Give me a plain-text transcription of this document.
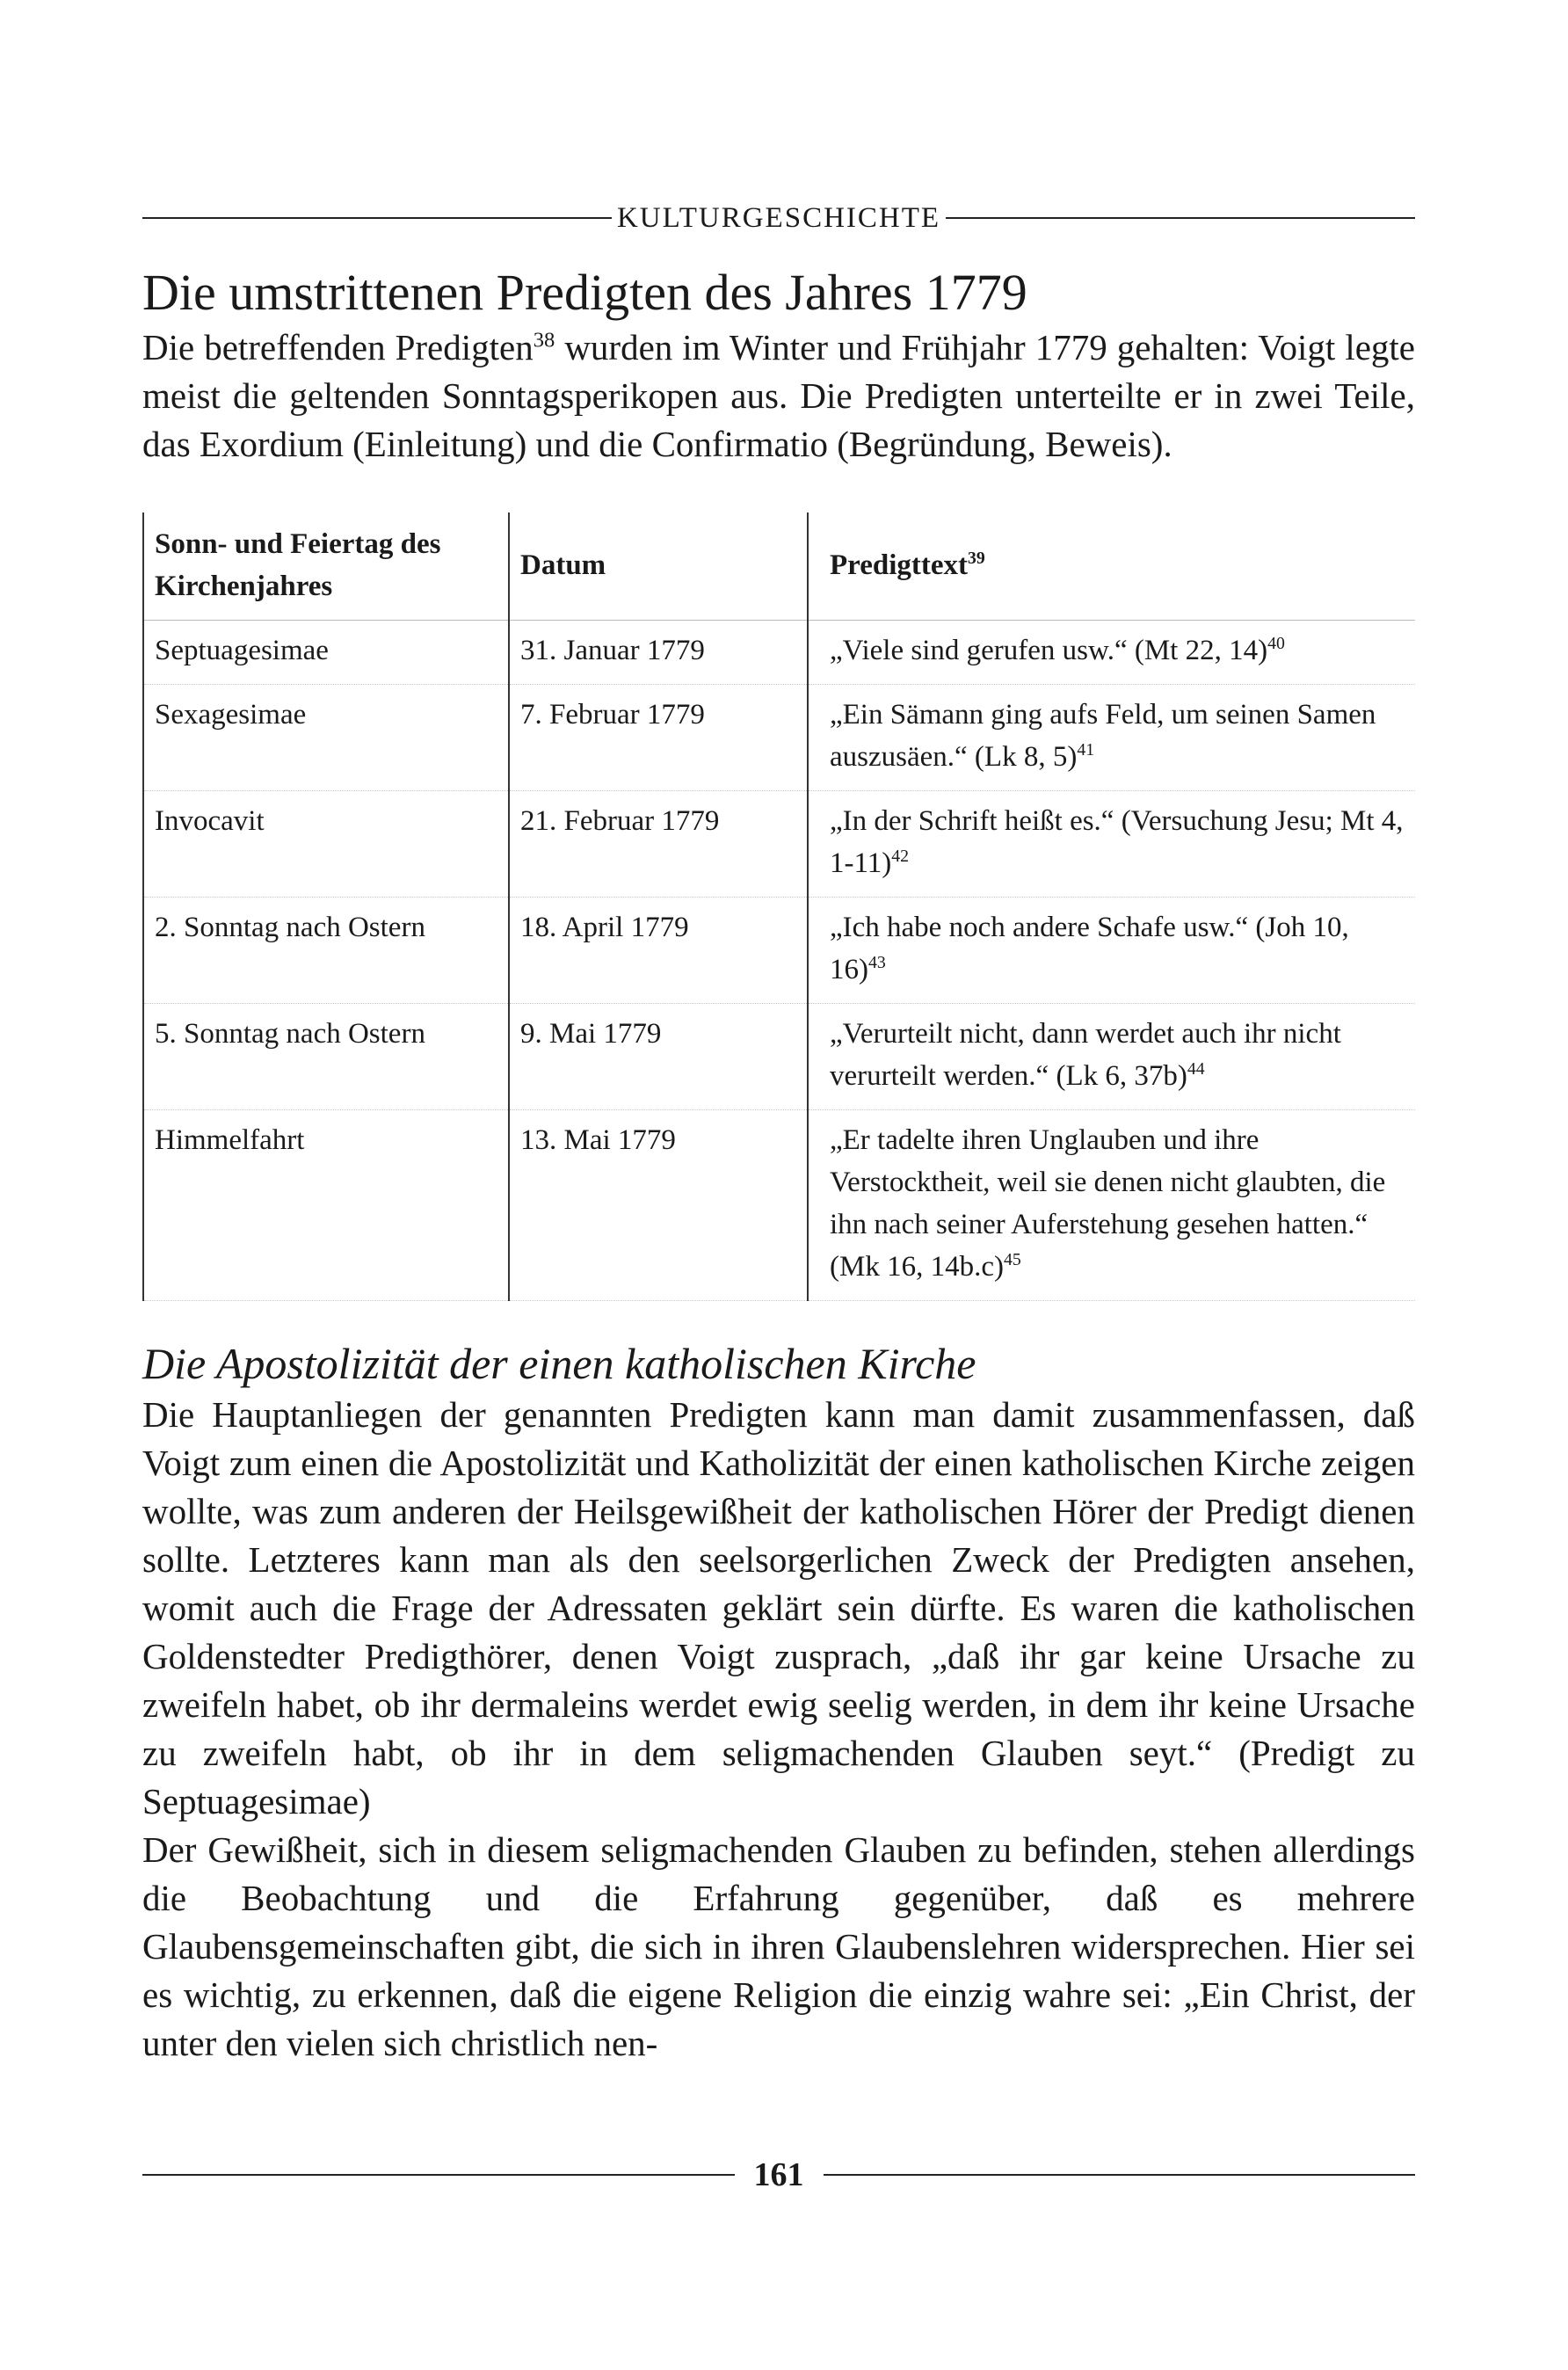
KULTURGESCHICHTE
Die umstrittenen Predigten des Jahres 1779

Die betreffenden Predigten$^{38}$ wurden im Winter und Frühjahr 1779 gehalten: Voigt legte meist die geltenden Sonntagsperikopen aus. Die Predigten unterteilte er in zwei Teile, das Exordium (Einleitung) und die Confirmatio (Begründung, Beweis).

Sonn- und Feiertag des Kirchenjahres	Datum	Predigttext$^{39}$
Septuagesimae	31. Januar 1779	„Viele sind gerufen usw.“ (Mt 22, 14)$^{40}$
Sexagesimae	7. Februar 1779	„Ein Sämann ging aufs Feld, um seinen Samen auszusäen.“ (Lk 8, 5)$^{41}$
Invocavit	21. Februar 1779	„In der Schrift heißt es.“ (Versuchung Jesu; Mt 4, 1-11)$^{42}$
2. Sonntag nach Ostern	18. April 1779	„Ich habe noch andere Schafe usw.“ (Joh 10, 16)$^{43}$
5. Sonntag nach Ostern	9. Mai 1779	„Verurteilt nicht, dann werdet auch ihr nicht verurteilt werden.“ (Lk 6, 37b)$^{44}$
Himmelfahrt	13. Mai 1779	„Er tadelte ihren Unglauben und ihre Verstocktheit, weil sie denen nicht glaubten, die ihn nach seiner Auferstehung gesehen hatten.“ (Mk 16, 14b.c)$^{45}$
Die Apostolizität der einen katholischen Kirche

Die Hauptanliegen der genannten Predigten kann man damit zusammenfassen, daß Voigt zum einen die Apostolizität und Katholizität der einen katholischen Kirche zeigen wollte, was zum anderen der Heilsgewißheit der katholischen Hörer der Predigt dienen sollte. Letzteres kann man als den seelsorgerlichen Zweck der Predigten ansehen, womit auch die Frage der Adressaten geklärt sein dürfte. Es waren die katholischen Goldenstedter Predigthörer, denen Voigt zusprach, „daß ihr gar keine Ursache zu zweifeln habet, ob ihr dermaleins werdet ewig seelig werden, in dem ihr keine Ursache zu zweifeln habt, ob ihr in dem seligmachenden Glauben seyt.“ (Predigt zu Septuagesimae)

Der Gewißheit, sich in diesem seligmachenden Glauben zu befinden, stehen allerdings die Beobachtung und die Erfahrung gegenüber, daß es mehrere Glaubensgemeinschaften gibt, die sich in ihren Glaubenslehren widersprechen. Hier sei es wichtig, zu erkennen, daß die eigene Religion die einzig wahre sei: „Ein Christ, der unter den vielen sich christlich nen-

161
